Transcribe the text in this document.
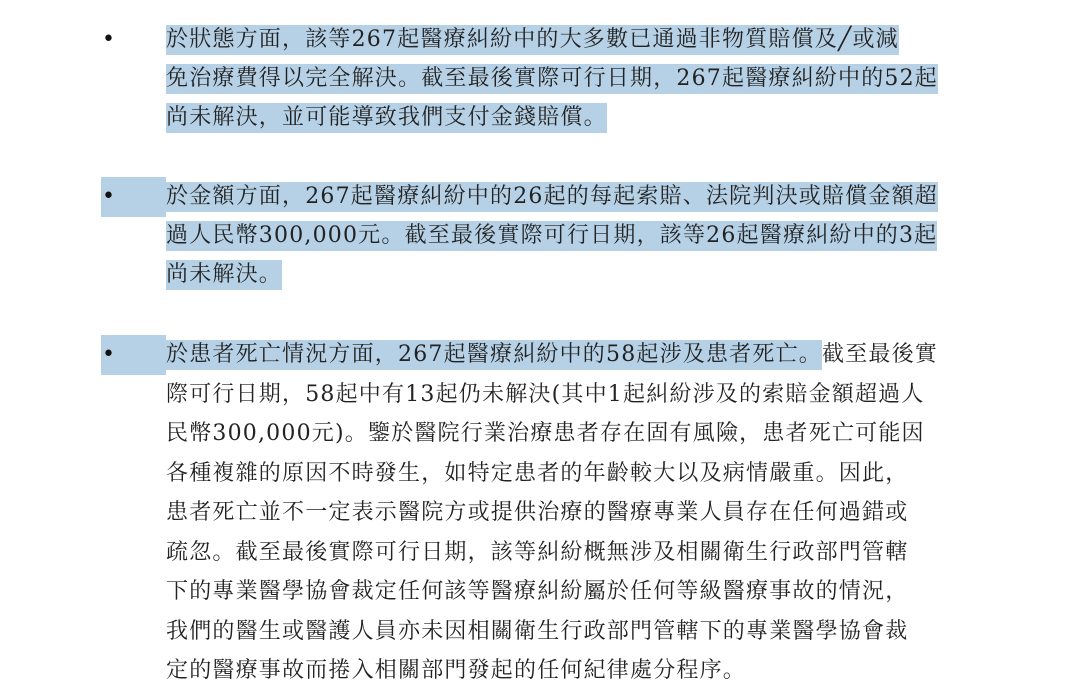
• 於狀態方面，該等267起醫療糾紛中的大多數已通過非物質賠償及╱或減
免治療費得以完全解決。截至最後實際可行日期，267起醫療糾紛中的52起
尚未解決，並可能導致我們支付金錢賠償。
•	於金額方面，267起醫療糾紛中的26起的每起索賠、法院判決或賠償金額超
過人民幣300,000元。截至最後實際可行日期，該等26起醫療糾紛中的3起
尚未解決。
•	於患者死亡情況方面，267起醫療糾紛中的58起涉及患者死亡。截至最後實
際可行日期，58起中有13起仍未解決(其中1起糾紛涉及的索賠金額超過人
民幣300,000元)。鑒於醫院行業治療患者存在固有風險，患者死亡可能因
各種複雜的原因不時發生，如特定患者的年齡較大以及病情嚴重。因此，
患者死亡並不一定表示醫院方或提供治療的醫療專業人員存在任何過錯或
疏忽。截至最後實際可行日期，該等糾紛概無涉及相關衛生行政部門管轄
下的專業醫學協會裁定任何該等醫療糾紛屬於任何等級醫療事故的情況，
我們的醫生或醫護人員亦未因相關衛生行政部門管轄下的專業醫學協會裁
定的醫療事故而捲入相關部門發起的任何紀律處分程序。
